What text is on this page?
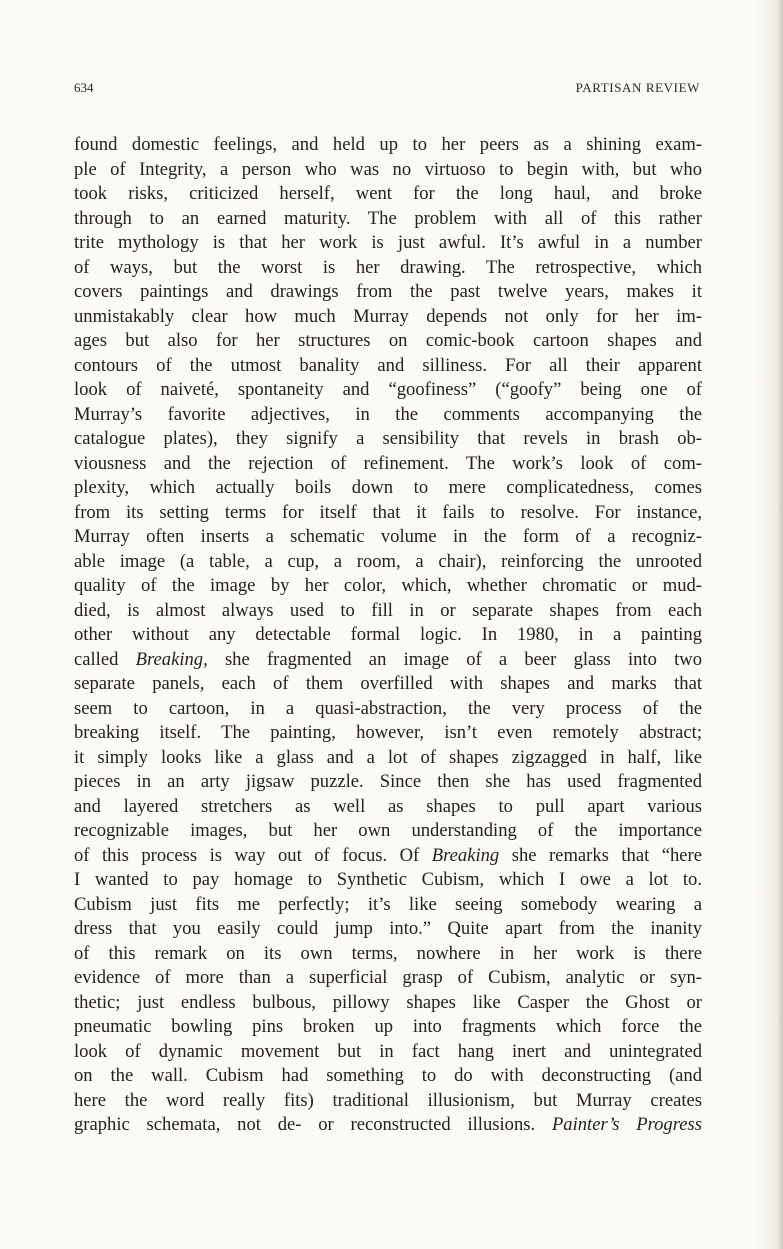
634	PARTISAN REVIEW
found domestic feelings, and held up to her peers as a shining exam-
ple of Integrity, a person who was no virtuoso to begin with, but who
took risks, criticized herself, went for the long haul, and broke
through to an earned maturity. The problem with all of this rather
trite mythology is that her work is just awful. It’s awful in a number
of ways, but the worst is her drawing. The retrospective, which
covers paintings and drawings from the past twelve years, makes it
unmistakably clear how much Murray depends not only for her im-
ages but also for her structures on comic-book cartoon shapes and
contours of the utmost banality and silliness. For all their apparent
look of naiveté, spontaneity and “goofiness” (“goofy” being one of
Murray’s favorite adjectives, in the comments accompanying the
catalogue plates), they signify a sensibility that revels in brash ob-
viousness and the rejection of refinement. The work’s look of com-
plexity, which actually boils down to mere complicatedness, comes
from its setting terms for itself that it fails to resolve. For instance,
Murray often inserts a schematic volume in the form of a recogniz-
able image (a table, a cup, a room, a chair), reinforcing the unrooted
quality of the image by her color, which, whether chromatic or mud-
died, is almost always used to fill in or separate shapes from each
other without any detectable formal logic. In 1980, in a painting
called Breaking, she fragmented an image of a beer glass into two
separate panels, each of them overfilled with shapes and marks that
seem to cartoon, in a quasi-abstraction, the very process of the
breaking itself. The painting, however, isn’t even remotely abstract;
it simply looks like a glass and a lot of shapes zigzagged in half, like
pieces in an arty jigsaw puzzle. Since then she has used fragmented
and layered stretchers as well as shapes to pull apart various
recognizable images, but her own understanding of the importance
of this process is way out of focus. Of Breaking she remarks that “here
I wanted to pay homage to Synthetic Cubism, which I owe a lot to.
Cubism just fits me perfectly; it’s like seeing somebody wearing a
dress that you easily could jump into.” Quite apart from the inanity
of this remark on its own terms, nowhere in her work is there
evidence of more than a superficial grasp of Cubism, analytic or syn-
thetic; just endless bulbous, pillowy shapes like Casper the Ghost or
pneumatic bowling pins broken up into fragments which force the
look of dynamic movement but in fact hang inert and unintegrated
on the wall. Cubism had something to do with deconstructing (and
here the word really fits) traditional illusionism, but Murray creates
graphic schemata, not de- or reconstructed illusions. Painter’s Progress
